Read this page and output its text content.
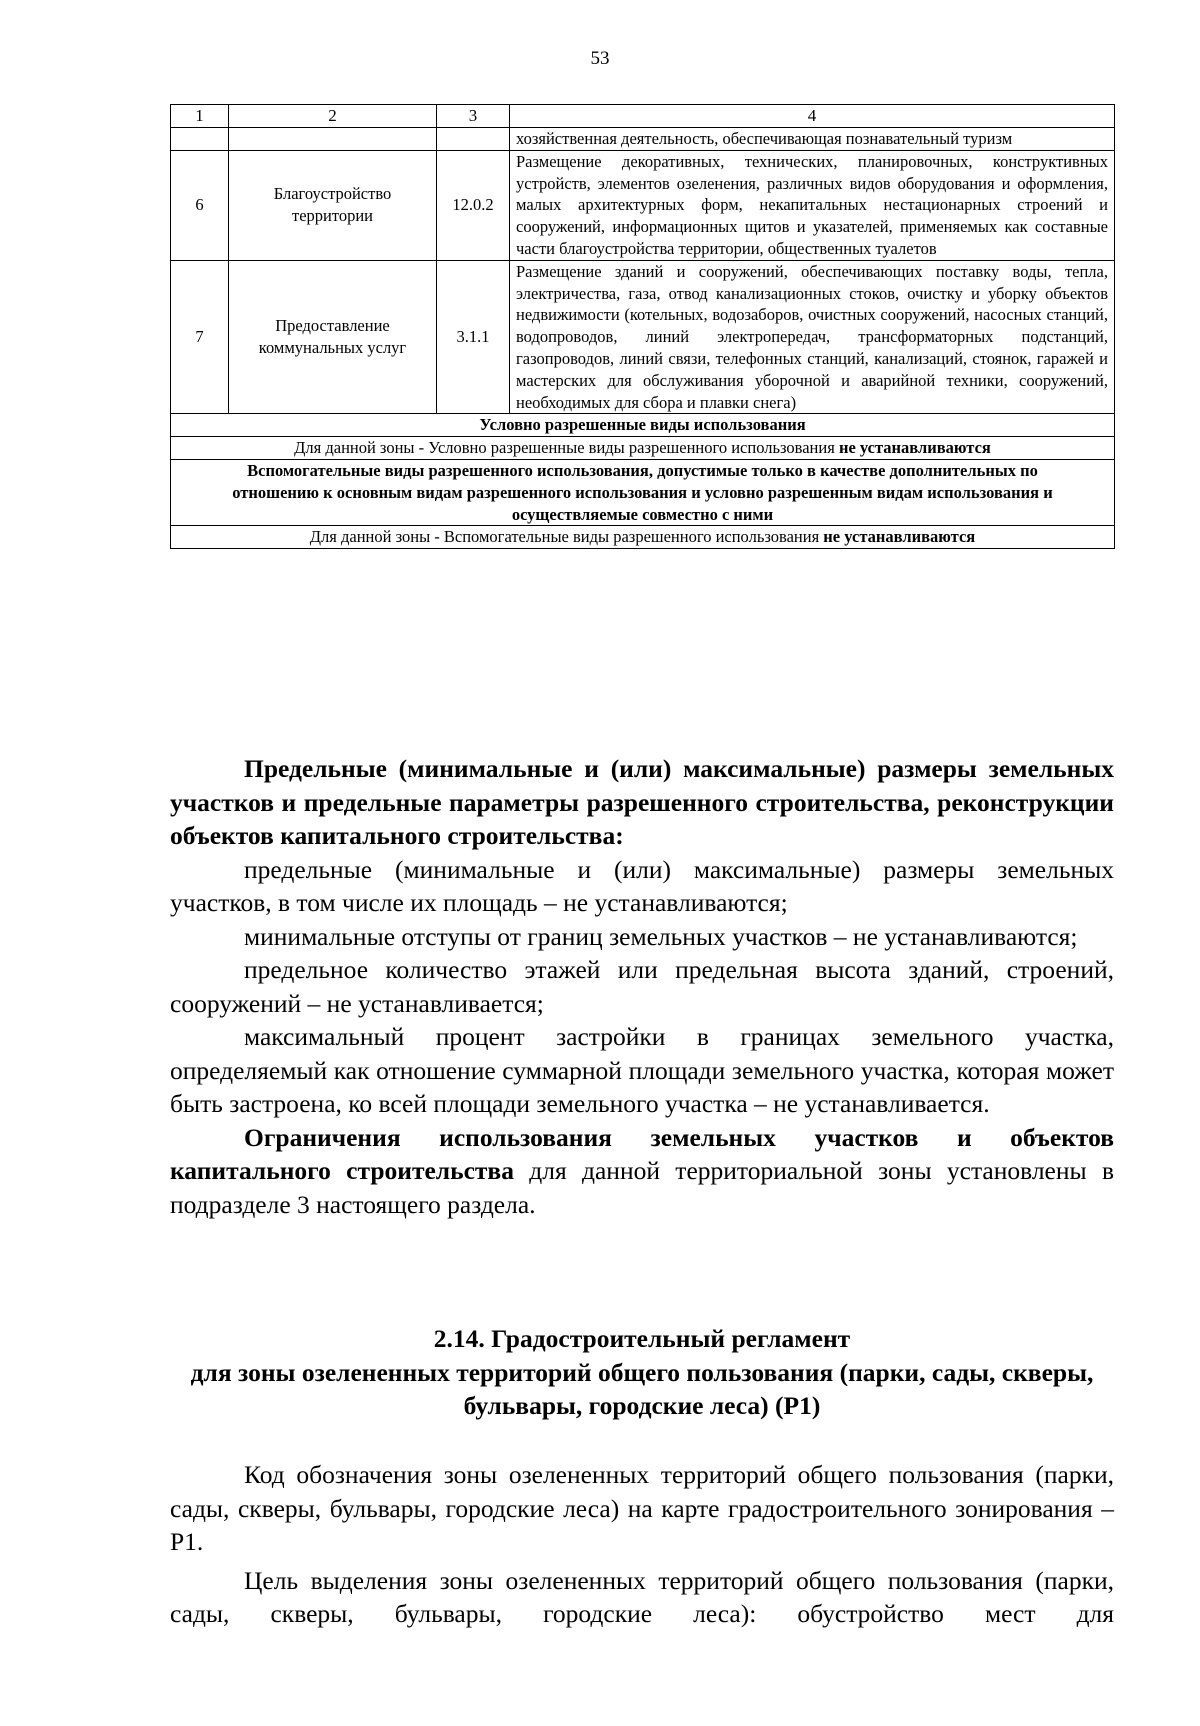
53
1	2	3	4
			хозяйственная деятельность, обеспечивающая познавательный туризм
6	Благоустройство территории	12.0.2	Размещение декоративных, технических, планировочных, конструктивных устройств, элементов озеленения, различных видов оборудования и оформления, малых архитектурных форм, некапитальных нестационарных строений и сооружений, информационных щитов и указателей, применяемых как составные части благоустройства территории, общественных туалетов
7	Предоставление коммунальных услуг	3.1.1	Размещение зданий и сооружений, обеспечивающих поставку воды, тепла, электричества, газа, отвод канализационных стоков, очистку и уборку объектов недвижимости (котельных, водозаборов, очистных сооружений, насосных станций, водопроводов, линий электропередач, трансформаторных подстанций, газопроводов, линий связи, телефонных станций, канализаций, стоянок, гаражей и мастерских для обслуживания уборочной и аварийной техники, сооружений, необходимых для сбора и плавки снега)
Условно разрешенные виды использования			
Для данной зоны - Условно разрешенные виды разрешенного использования не устанавливаются			
Вспомогательные виды разрешенного использования, допустимые только в качестве дополнительных по отношению к основным видам разрешенного использования и условно разрешенным видам использования и осуществляемые совместно с ними			
Для данной зоны - Вспомогательные виды разрешенного использования не устанавливаются			

Предельные (минимальные и (или) максимальные) размеры земельных участков и предельные параметры разрешенного строительства, реконструкции объектов капитального строительства:

предельные (минимальные и (или) максимальные) размеры земельных участков, в том числе их площадь – не устанавливаются;

минимальные отступы от границ земельных участков – не устанавливаются;

предельное количество этажей или предельная высота зданий, строений, сооружений – не устанавливается;

максимальный процент застройки в границах земельного участка, определяемый как отношение суммарной площади земельного участка, которая может быть застроена, ко всей площади земельного участка – не устанавливается.

Ограничения использования земельных участков и объектов капитального строительства для данной территориальной зоны установлены в подразделе 3 настоящего раздела.

2.14. Градостроительный регламент

для зоны озелененных территорий общего пользования (парки, сады, скверы, бульвары, городские леса) (Р1)

Код обозначения зоны озелененных территорий общего пользования (парки, сады, скверы, бульвары, городские леса) на карте градостроительного зонирования – Р1.

Цель выделения зоны озелененных территорий общего пользования (парки, сады, скверы, бульвары, городские леса): обустройство мест для
